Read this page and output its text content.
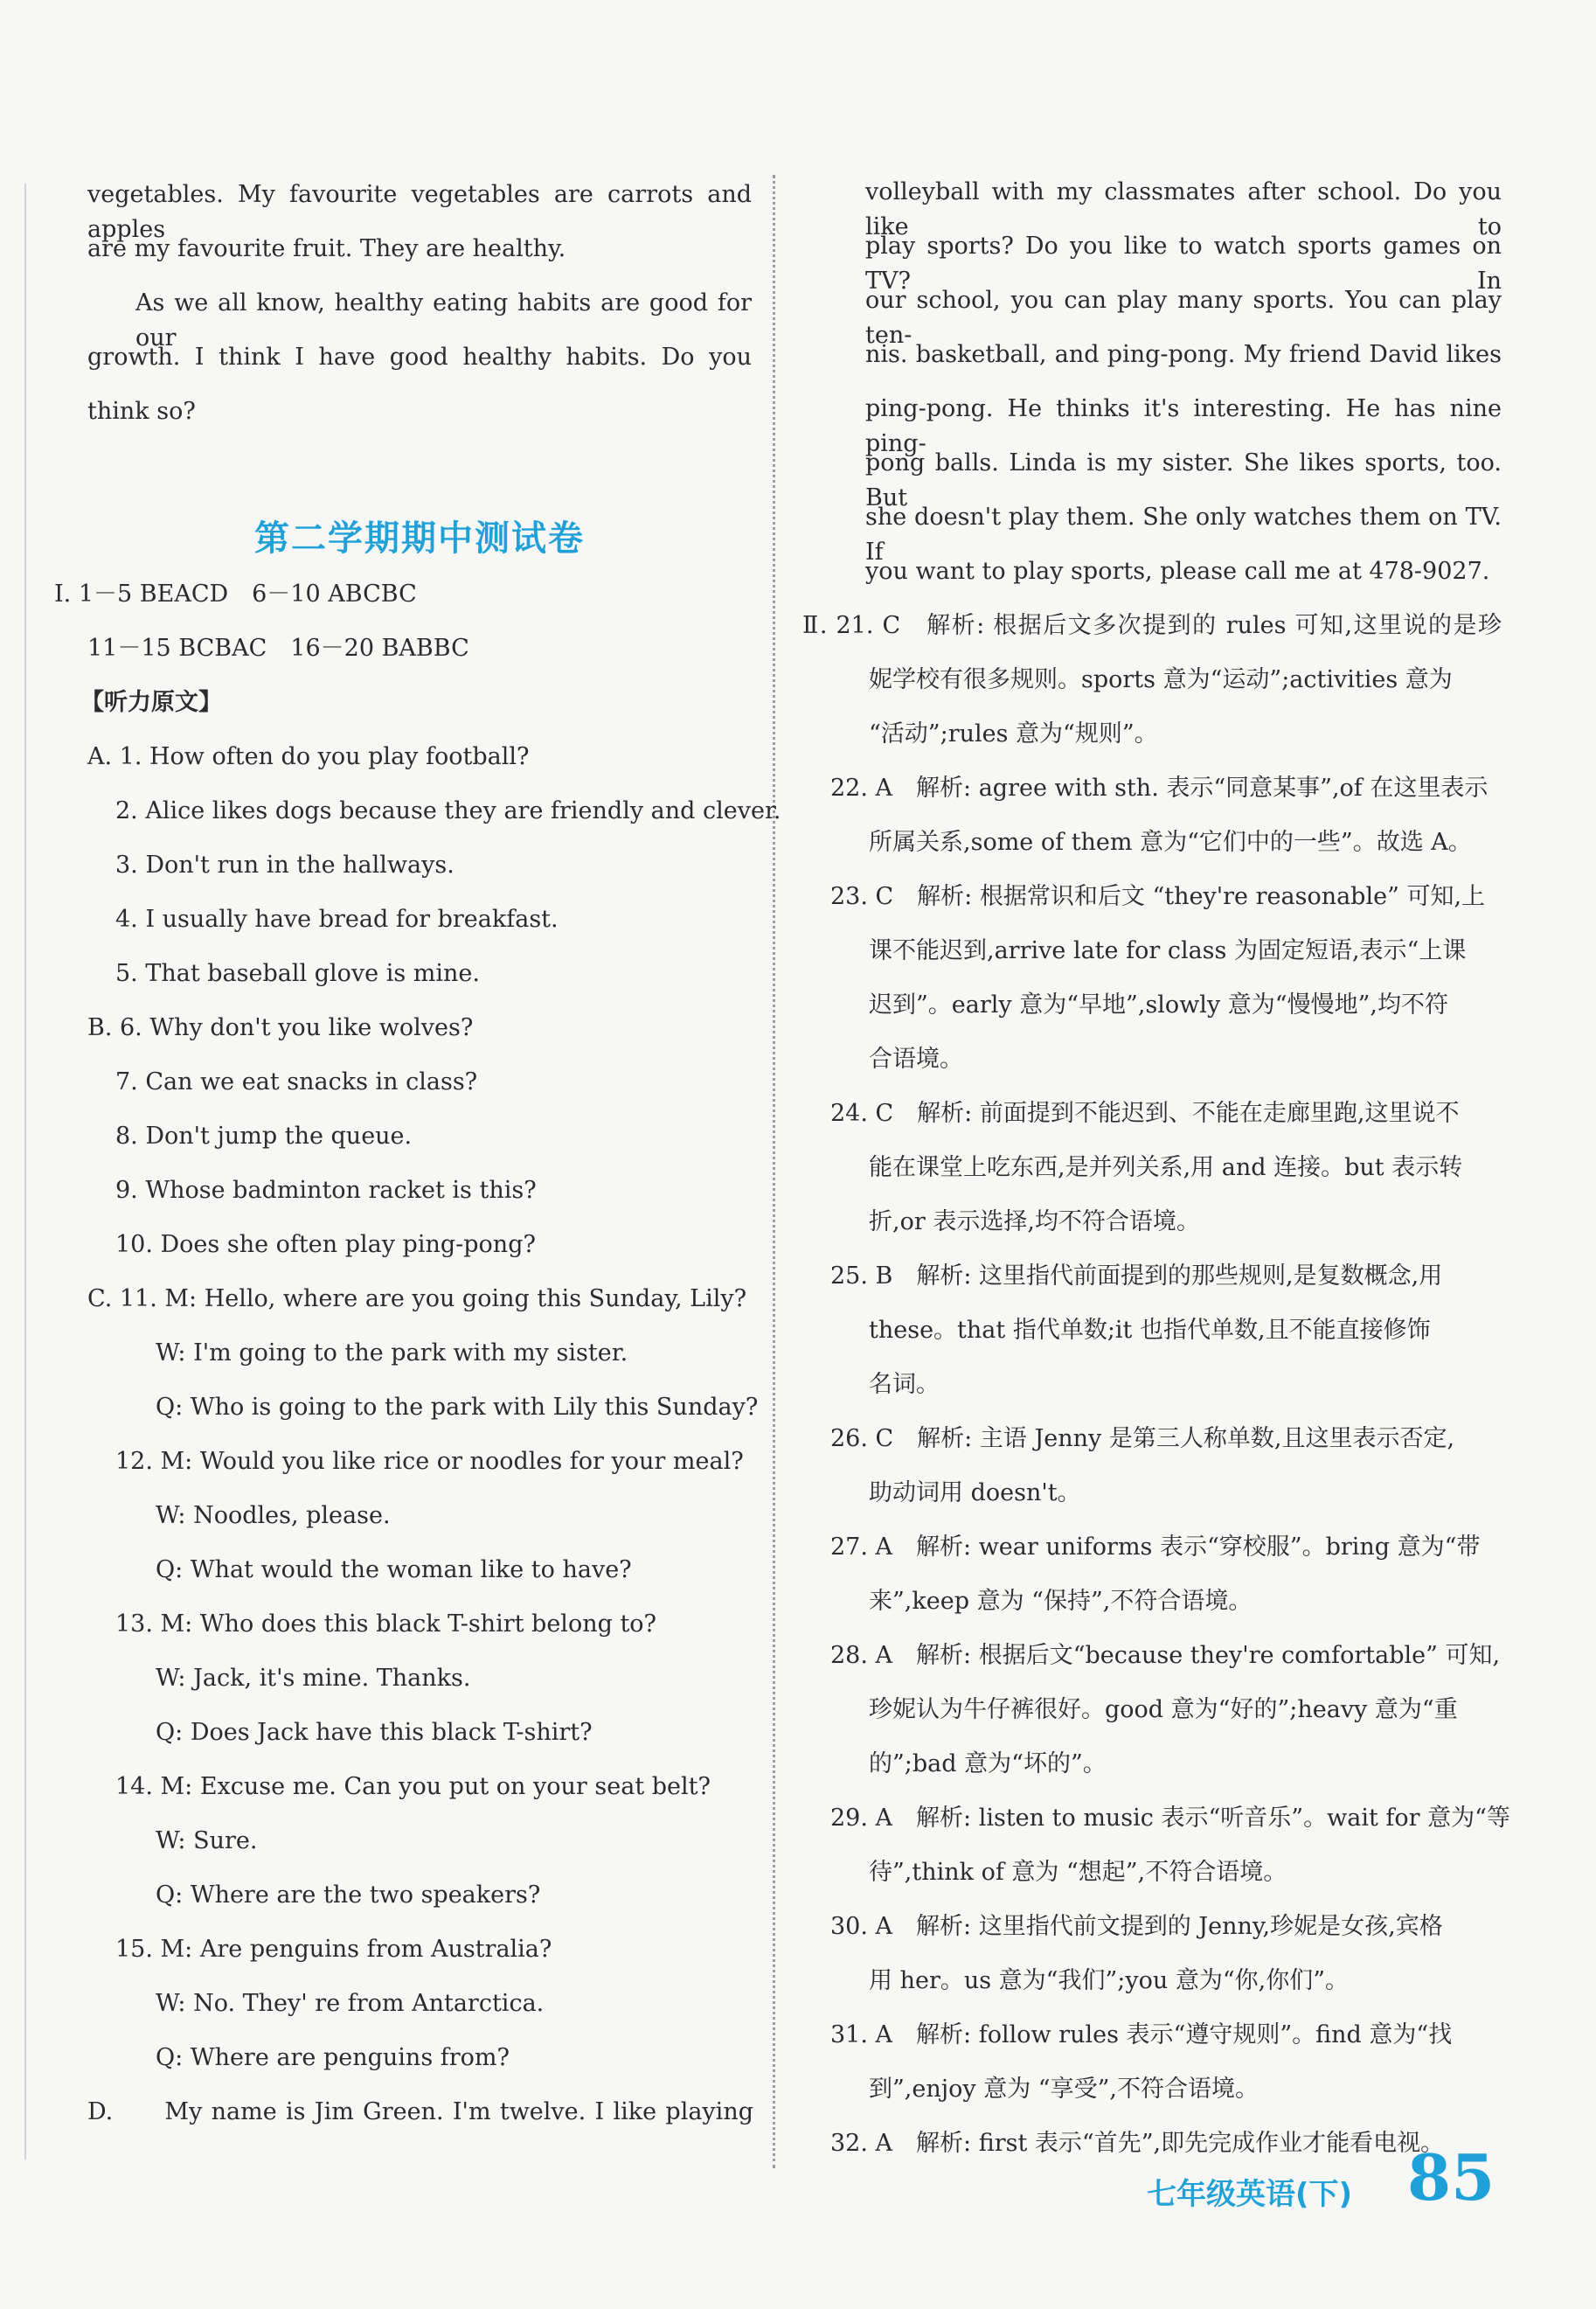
vegetables. My favourite vegetables are carrots and apples
are my favourite fruit. They are healthy.
As we all know, healthy eating habits are good for our
growth. I think I have good healthy habits. Do you
think so?
第二学期期中测试卷
Ⅰ. 1－5 BEACD　6－10 ABCBC
11－15 BCBAC　16－20 BABBC
【听力原文】
A. 1. How often do you play football?
2. Alice likes dogs because they are friendly and clever.
3. Don't run in the hallways.
4. I usually have bread for breakfast.
5. That baseball glove is mine.
B. 6. Why don't you like wolves?
7. Can we eat snacks in class?
8. Don't jump the queue.
9. Whose badminton racket is this?
10. Does she often play ping-pong?
C. 11. M: Hello, where are you going this Sunday, Lily?
W: I'm going to the park with my sister.
Q: Who is going to the park with Lily this Sunday?
12. M: Would you like rice or noodles for your meal?
W: Noodles, please.
Q: What would the woman like to have?
13. M: Who does this black T-shirt belong to?
W: Jack, it's mine. Thanks.
Q: Does Jack have this black T-shirt?
14. M: Excuse me. Can you put on your seat belt?
W: Sure.
Q: Where are the two speakers?
15. M: Are penguins from Australia?
W: No. They' re from Antarctica.
Q: Where are penguins from?
D.　　My name is Jim Green. I'm twelve. I like playing
volleyball with my classmates after school. Do you like to
play sports? Do you like to watch sports games on TV? In
our school, you can play many sports. You can play ten-
nis. basketball, and ping-pong. My friend David likes
ping-pong. He thinks it's interesting. He has nine ping-
pong balls. Linda is my sister. She likes sports, too. But
she doesn't play them. She only watches them on TV. If
you want to play sports, please call me at 478-9027.
Ⅱ. 21. C　解析: 根据后文多次提到的 rules 可知,这里说的是珍
妮学校有很多规则。sports 意为“运动”;activities 意为
“活动”;rules 意为“规则”。
22. A　解析: agree with sth. 表示“同意某事”,of 在这里表示
所属关系,some of them 意为“它们中的一些”。故选 A。
23. C　解析: 根据常识和后文 “they're reasonable” 可知,上
课不能迟到,arrive late for class 为固定短语,表示“上课
迟到”。early 意为“早地”,slowly 意为“慢慢地”,均不符
合语境。
24. C　解析: 前面提到不能迟到、不能在走廊里跑,这里说不
能在课堂上吃东西,是并列关系,用 and 连接。but 表示转
折,or 表示选择,均不符合语境。
25. B　解析: 这里指代前面提到的那些规则,是复数概念,用
these。that 指代单数;it 也指代单数,且不能直接修饰
名词。
26. C　解析: 主语 Jenny 是第三人称单数,且这里表示否定,
助动词用 doesn't。
27. A　解析: wear uniforms 表示“穿校服”。bring 意为“带
来”,keep 意为 “保持”,不符合语境。
28. A　解析: 根据后文“because they're comfortable” 可知,
珍妮认为牛仔裤很好。good 意为“好的”;heavy 意为“重
的”;bad 意为“坏的”。
29. A　解析: listen to music 表示“听音乐”。wait for 意为“等
待”,think of 意为 “想起”,不符合语境。
30. A　解析: 这里指代前文提到的 Jenny,珍妮是女孩,宾格
用 her。us 意为“我们”;you 意为“你,你们”。
31. A　解析: follow rules 表示“遵守规则”。find 意为“找
到”,enjoy 意为 “享受”,不符合语境。
32. A　解析: first 表示“首先”,即先完成作业才能看电视。
七年级英语(下) 85
